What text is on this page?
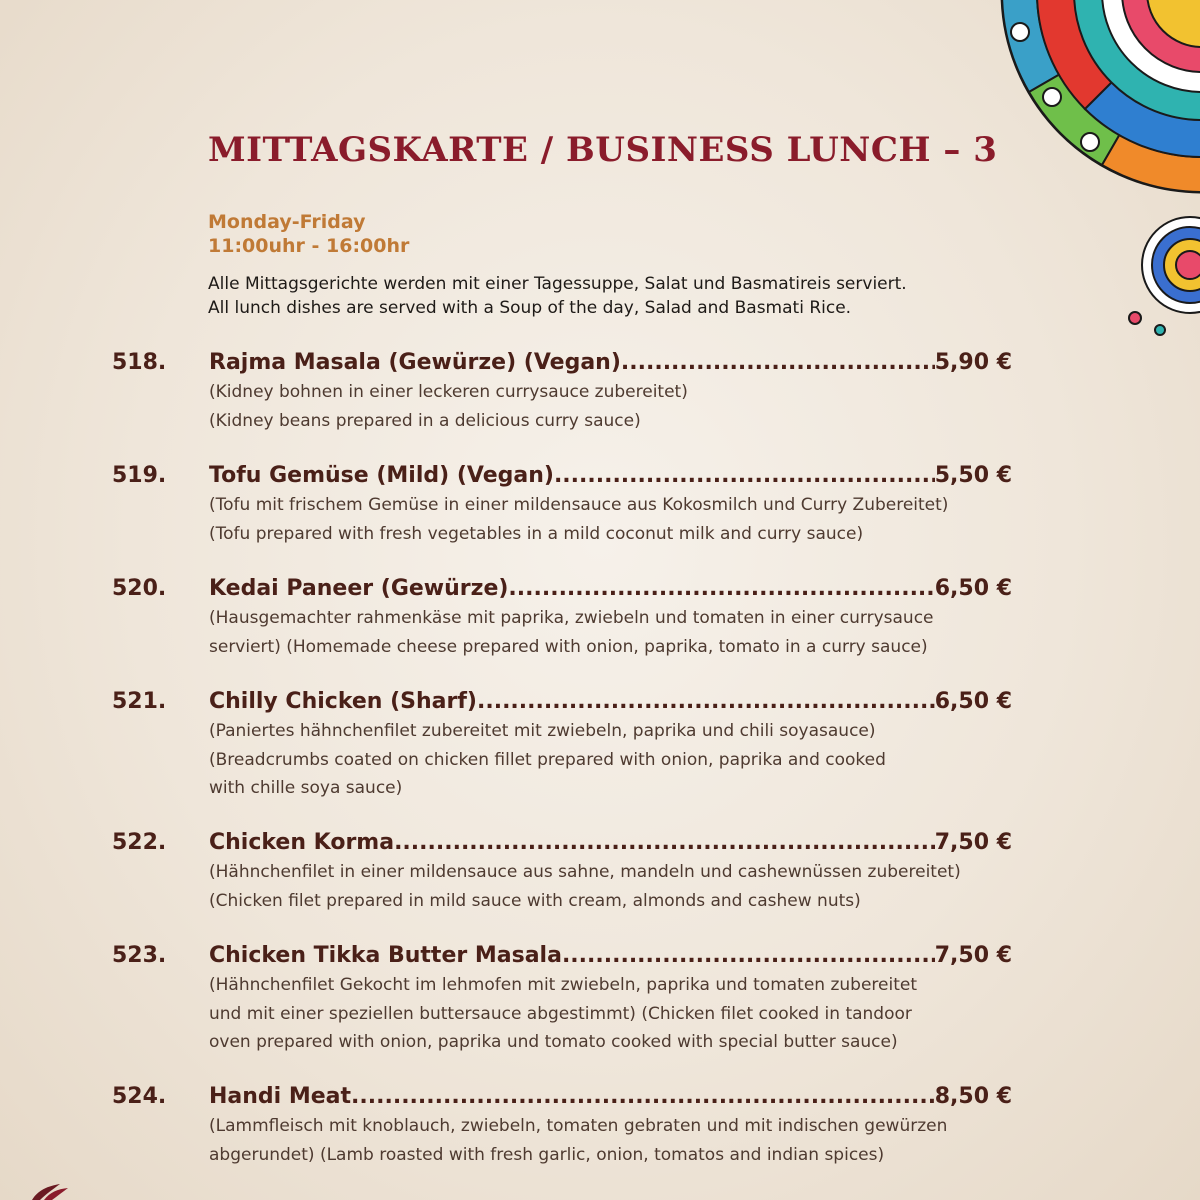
MITTAGSKARTE / BUSINESS LUNCH – 3
Monday-Friday
11:00uhr - 16:00hr
Alle Mittagsgerichte werden mit einer Tagessuppe, Salat und Basmatireis serviert.
All lunch dishes are served with a Soup of the day, Salad and Basmati Rice.
518. Rajma Masala (Gewürze) (Vegan) .....	5,90 €
(Kidney bohnen in einer leckeren currysauce zubereitet)
(Kidney beans prepared in a delicious curry sauce)
519. Tofu Gemüse (Mild) (Vegan) .....	5,50 €
(Tofu mit frischem Gemüse in einer mildensauce aus Kokosmilch und Curry Zubereitet)
(Tofu prepared with fresh vegetables in a mild coconut milk and curry sauce)
520. Kedai Paneer (Gewürze) .....	6,50 €
(Hausgemachter rahmenkäse mit paprika, zwiebeln und tomaten in einer currysauce
serviert) (Homemade cheese prepared with onion, paprika, tomato in a curry sauce)
521. Chilly Chicken (Sharf) .....	6,50 €
(Paniertes hähnchenfilet zubereitet mit zwiebeln, paprika und chili soyasauce)
(Breadcrumbs coated on chicken fillet prepared with onion, paprika and cooked
with chille soya sauce)
522. Chicken Korma .....	7,50 €
(Hähnchenfilet in einer mildensauce aus sahne, mandeln und cashewnüssen zubereitet)
(Chicken filet prepared in mild sauce with cream, almonds and cashew nuts)
523. Chicken Tikka Butter Masala .....	7,50 €
(Hähnchenfilet Gekocht im lehmofen mit zwiebeln, paprika und tomaten zubereitet
und mit einer speziellen buttersauce abgestimmt) (Chicken filet cooked in tandoor
oven prepared with onion, paprika und tomato cooked with special butter sauce)
524. Handi Meat .....	8,50 €
(Lammfleisch mit knoblauch, zwiebeln, tomaten gebraten und mit indischen gewürzen
abgerundet) (Lamb roasted with fresh garlic, onion, tomatos and indian spices)
